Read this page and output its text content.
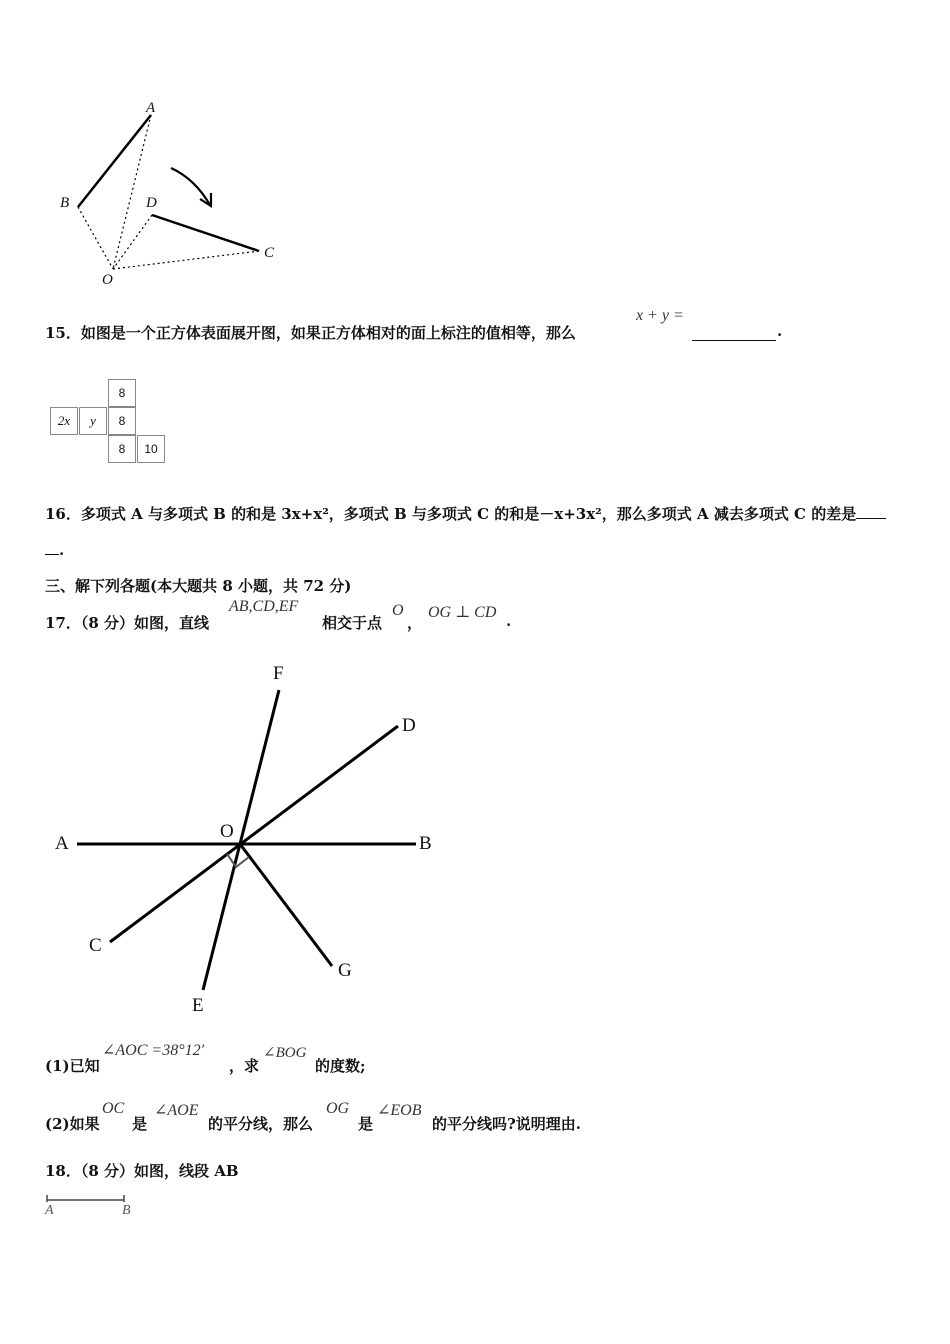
A
B	D
C
O
15．如图是一个正方体表面展开图，如果正方体相对的面上标注的值相等，那么
x + y =
.
8
2x	y	8
8	10
16．多项式 A 与多项式 B 的和是 3x+x²，多项式 B 与多项式 C 的和是－x+3x²，那么多项式 A 减去多项式 C 的差是
.
三、解下列各题(本大题共 8 小题，共 72 分)
17．（8 分）如图，直线
AB,CD,EF
相交于点
O
，
OG ⊥ CD .
F
D
O
A	B
C
G
E
(1)已知
∠AOC =38°12′
，求
∠BOG
的度数;
(2)如果
OC
是
∠AOE
的平分线，那么
OG
是
∠EOB
的平分线吗?说明理由.
18．（8 分）如图，线段 AB
A	B
